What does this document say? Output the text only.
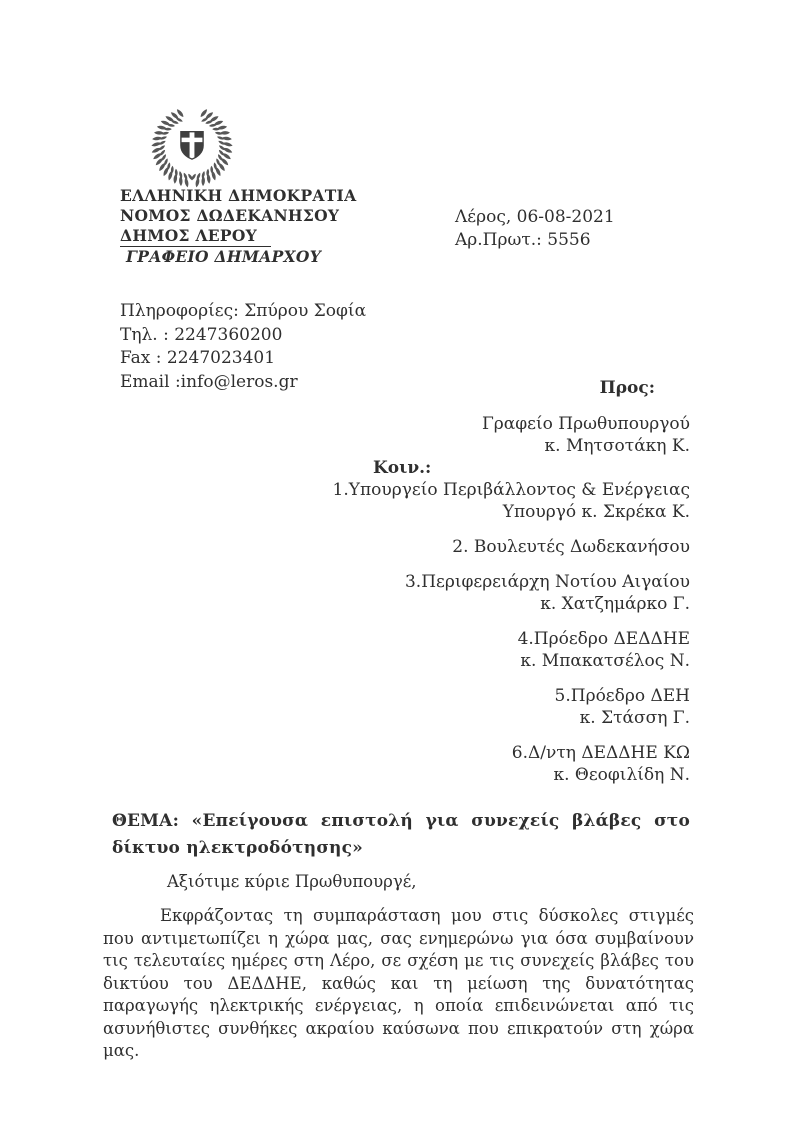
ΕΛΛΗΝΙΚΗ ΔΗΜΟΚΡΑΤΙΑ
ΝΟΜΟΣ ΔΩΔΕΚΑΝΗΣΟΥ
ΔΗΜΟΣ ΛΕΡΟΥ
ΓΡΑΦΕΙΟ ΔΗΜΑΡΧΟΥ
Λέρος, 06-08-2021
Αρ.Πρωτ.: 5556
Πληροφορίες: Σπύρου Σοφία
Τηλ. : 2247360200
Fax : 2247023401
Email :info@leros.gr	Προς:
Γραφείο Πρωθυπουργού
κ. Μητσοτάκη Κ.
Κοιν.:
1.Υπουργείο Περιβάλλοντος & Ενέργειας
Υπουργό κ. Σκρέκα Κ.
2. Βουλευτές Δωδεκανήσου
3.Περιφερειάρχη Νοτίου Αιγαίου
κ. Χατζημάρκο Γ.
4.Πρόεδρο ΔΕΔΔΗΕ
κ. Μπακατσέλος Ν.
5.Πρόεδρο ΔΕΗ
κ. Στάσση Γ.
6.Δ/ντη ΔΕΔΔΗΕ ΚΩ
κ. Θεοφιλίδη Ν.
ΘΕΜΑ: «Επείγουσα επιστολή για συνεχείς βλάβες στο δίκτυο ηλεκτροδότησης»
Αξιότιμε κύριε Πρωθυπουργέ,
Εκφράζοντας τη συμπαράσταση μου στις δύσκολες στιγμές που αντιμετωπίζει η χώρα μας, σας ενημερώνω για όσα συμβαίνουν τις τελευταίες ημέρες στη Λέρο, σε σχέση με τις συνεχείς βλάβες του δικτύου του ΔΕΔΔΗΕ, καθώς και τη μείωση της δυνατότητας παραγωγής ηλεκτρικής ενέργειας, η οποία επιδεινώνεται από τις ασυνήθιστες συνθήκες ακραίου καύσωνα που επικρατούν στη χώρα μας.
